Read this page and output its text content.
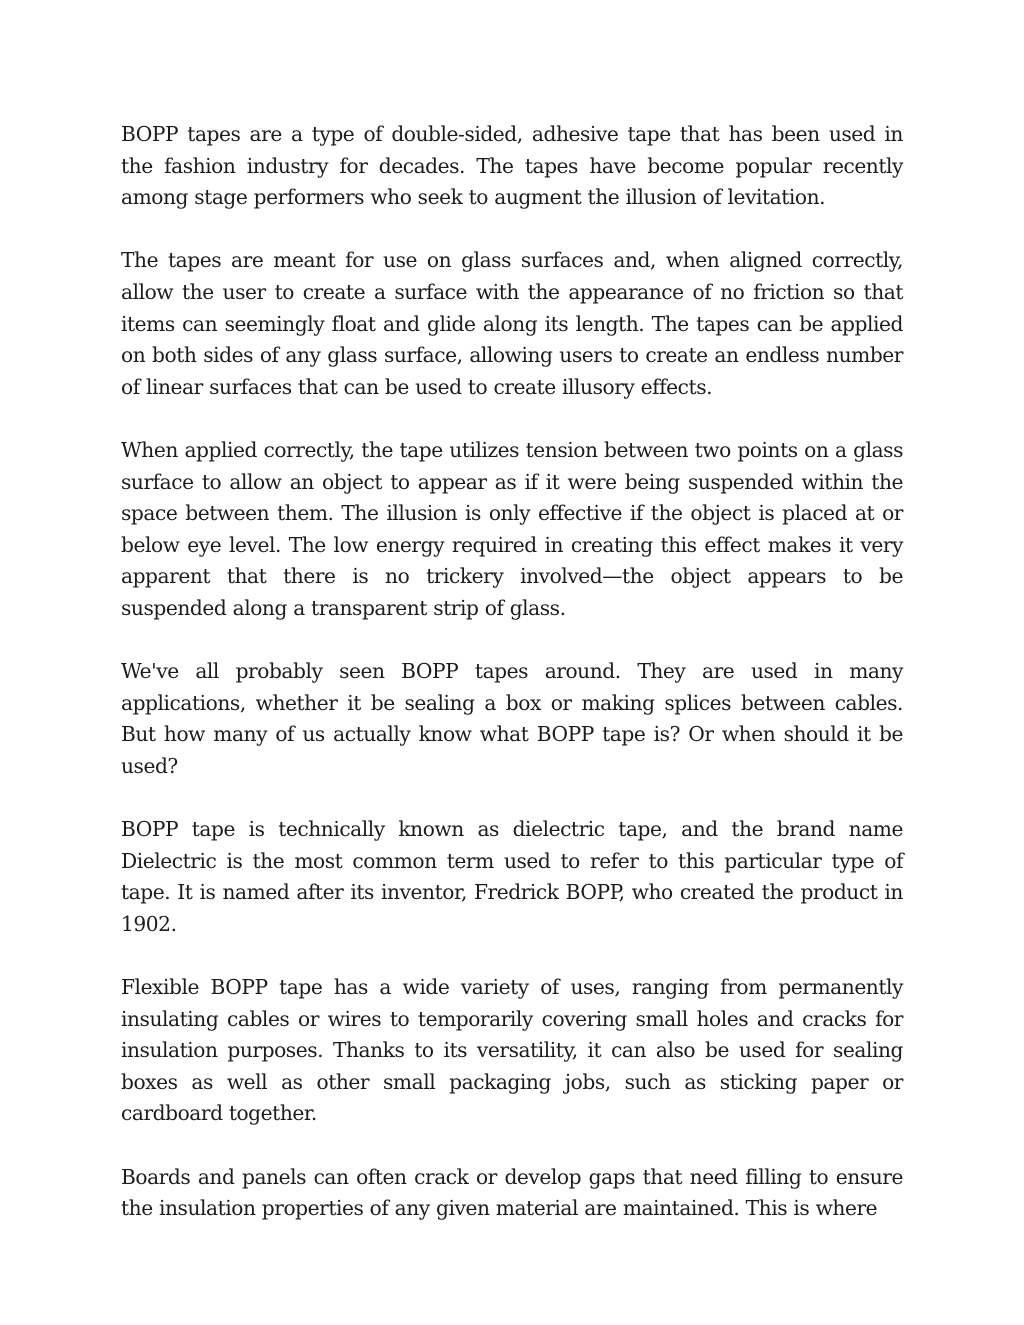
BOPP tapes are a type of double-sided, adhesive tape that has been used in the fashion industry for decades. The tapes have become popular recently among stage performers who seek to augment the illusion of levitation.

The tapes are meant for use on glass surfaces and, when aligned correctly, allow the user to create a surface with the appearance of no friction so that items can seemingly float and glide along its length. The tapes can be applied on both sides of any glass surface, allowing users to create an endless number of linear surfaces that can be used to create illusory effects.

When applied correctly, the tape utilizes tension between two points on a glass surface to allow an object to appear as if it were being suspended within the space between them. The illusion is only effective if the object is placed at or below eye level. The low energy required in creating this effect makes it very apparent that there is no trickery involved—the object appears to be suspended along a transparent strip of glass.

We've all probably seen BOPP tapes around. They are used in many applications, whether it be sealing a box or making splices between cables. But how many of us actually know what BOPP tape is? Or when should it be used?

BOPP tape is technically known as dielectric tape, and the brand name Dielectric is the most common term used to refer to this particular type of tape. It is named after its inventor, Fredrick BOPP, who created the product in 1902.

Flexible BOPP tape has a wide variety of uses, ranging from permanently insulating cables or wires to temporarily covering small holes and cracks for insulation purposes. Thanks to its versatility, it can also be used for sealing boxes as well as other small packaging jobs, such as sticking paper or cardboard together.

Boards and panels can often crack or develop gaps that need filling to ensure the insulation properties of any given material are maintained. This is where
